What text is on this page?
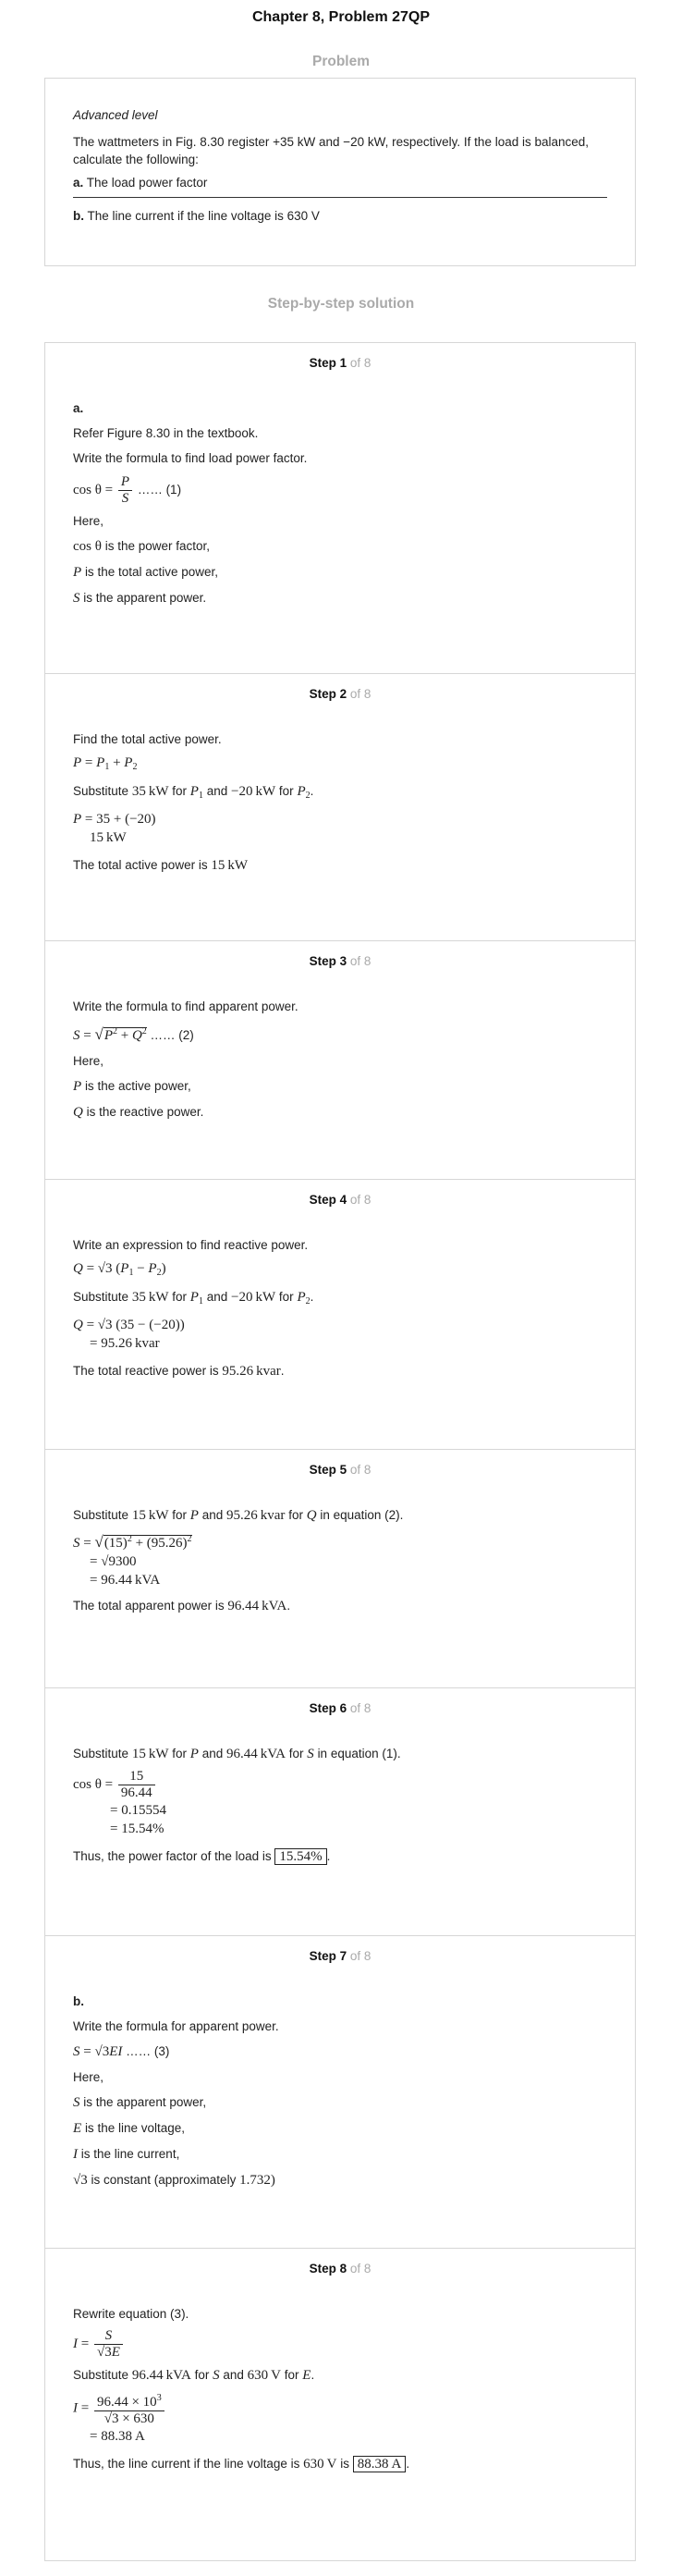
Chapter 8, Problem 27QP
Problem

Advanced level

The wattmeters in Fig. 8.30 register +35 kW and −20 kW, respectively. If the load is balanced, calculate the following:

a. The load power factor

b. The line current if the line voltage is 630 V

Step-by-step solution
Step 1 of 8

a.

Refer Figure 8.30 in the textbook.

Write the formula to find load power factor.

$\cos \theta = \frac{P}{S}$ …… (1)

Here,

cos θ is the power factor,

P is the total active power,

S is the apparent power.

Step 2 of 8

Find the total active power.

$P = P_1 + P_2$

Substitute 35 kW for $P_1$ and −20 kW for $P_2$.

P = 35 + (−20)
15 kW

The total active power is 15 kW

Step 3 of 8

Write the formula to find apparent power.

$S = √P^2 + Q^2$ …… (2)

Here,

P is the active power,

Q is the reactive power.

Step 4 of 8

Write an expression to find reactive power.

Q = √3 $(P_1 - P_2)$

Substitute 35 kW for $P_1$ and −20 kW for $P_2$.

Q = √3 (35 − (−20))
= 95.26 kvar

The total reactive power is 95.26 kvar.

Step 5 of 8

Substitute 15 kW for P and 95.26 kvar for Q in equation (2).

$S = √(15)^2 + (95.26)^2$
= √9300
= 96.44 kVA

The total apparent power is 96.44 kVA.

Step 6 of 8

Substitute 15 kW for P and 96.44 kVA for S in equation (1).

$\cos \theta = \frac{15}{96.44}$
= 0.15554
= 15.54%

Thus, the power factor of the load is 15.54% .

Step 7 of 8

b.

Write the formula for apparent power.

S = √3EI …… (3)

Here,

S is the apparent power,

E is the line voltage,

I is the line current,

√3 is constant (approximately 1.732)

Step 8 of 8

Rewrite equation (3).

$I = \frac{S}{√3E}$

Substitute 96.44 kVA for S and 630 V for E.

$I = \frac{96.44 \times 10^3}{√3 \times 630}$
= 88.38 A

Thus, the line current if the line voltage is 630 V is 88.38 A .
